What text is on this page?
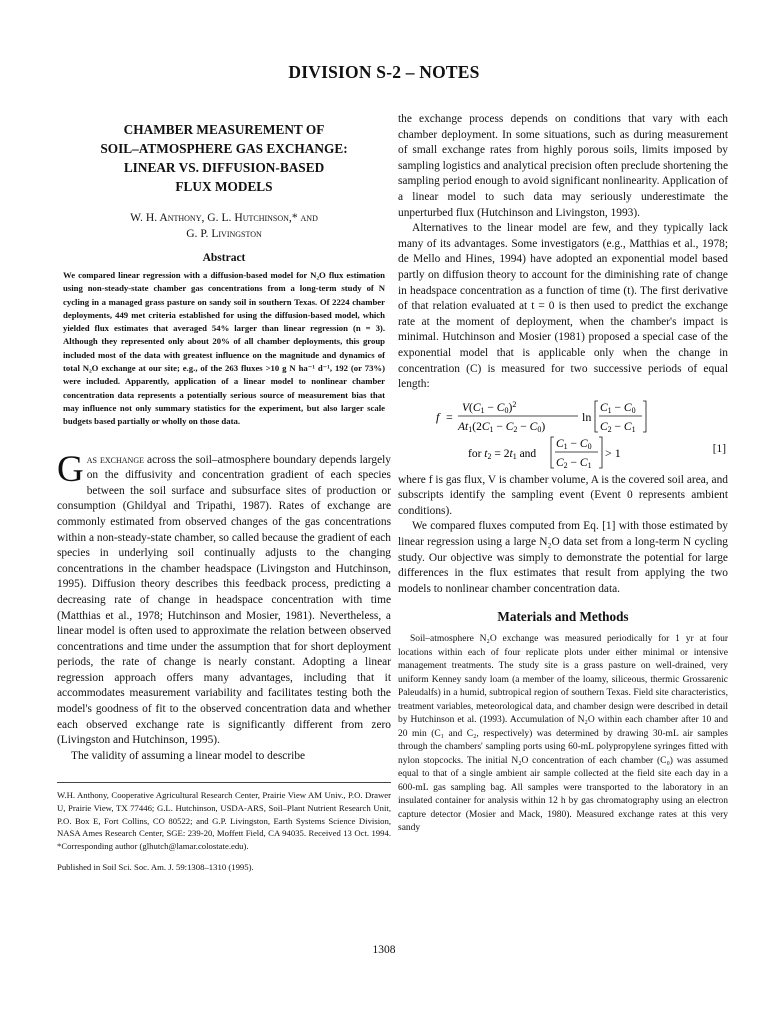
DIVISION S-2 – NOTES
CHAMBER MEASUREMENT OF
SOIL–ATMOSPHERE GAS EXCHANGE:
LINEAR VS. DIFFUSION-BASED
FLUX MODELS
W. H. Anthony, G. L. Hutchinson,* and
G. P. Livingston
Abstract
We compared linear regression with a diffusion-based model for N₂O flux estimation using non-steady-state chamber gas concentrations from a long-term study of N cycling in a managed grass pasture on sandy soil in southern Texas. Of 2224 chamber deployments, 449 met criteria established for using the diffusion-based model, which yielded flux estimates that averaged 54% larger than linear regression (n = 3). Although they represented only about 20% of all chamber deployments, this group included most of the data with greatest influence on the magnitude and dynamics of total N₂O exchange at our site; e.g., of the 263 fluxes >10 g N ha⁻¹ d⁻¹, 192 (or 73%) were included. Apparently, application of a linear model to nonlinear chamber concentration data represents a potentially serious source of measurement bias that may influence not only summary statistics for the experiment, but also larger scale budgets based partially or wholly on those data.

Gas exchange across the soil–atmosphere boundary depends largely on the diffusivity and concentration gradient of each species between the soil surface and subsurface sites of production or consumption (Ghildyal and Tripathi, 1987). Rates of exchange are commonly estimated from observed changes of the gas concentrations within a non-steady-state chamber, so called because the gradient of each species in underlying soil continually adjusts to the changing concentrations in the chamber headspace (Livingston and Hutchinson, 1995). Diffusion theory describes this feedback process, predicting a decreasing rate of change in headspace concentration with time (Matthias et al., 1978; Hutchinson and Mosier, 1981). Nevertheless, a linear model is often used to approximate the relation between observed concentrations and time under the assumption that for short deployment periods, the rate of change is nearly constant. Adopting a linear regression approach offers many advantages, including that it accommodates measurement variability and facilitates testing both the model's goodness of fit to the observed concentration data and whether each observed exchange rate is significantly different from zero (Livingston and Hutchinson, 1995).

The validity of assuming a linear model to describe

W.H. Anthony, Cooperative Agricultural Research Center, Prairie View AM Univ., P.O. Drawer U, Prairie View, TX 77446; G.L. Hutchinson, USDA-ARS, Soil–Plant Nutrient Research Unit, P.O. Box E, Fort Collins, CO 80522; and G.P. Livingston, Earth Systems Science Division, NASA Ames Research Center, SGE: 239-20, Moffett Field, CA 94035. Received 13 Oct. 1994. *Corresponding author (glhutch@lamar.colostate.edu).
Published in Soil Sci. Soc. Am. J. 59:1308–1310 (1995).

the exchange process depends on conditions that vary with each chamber deployment. In some situations, such as during measurement of small exchange rates from highly porous soils, limits imposed by sampling logistics and analytical precision often preclude shortening the sampling period enough to avoid significant nonlinearity. Application of a linear model to such data may seriously underestimate the unperturbed flux (Hutchinson and Livingston, 1993).

Alternatives to the linear model are few, and they typically lack many of its advantages. Some investigators (e.g., Matthias et al., 1978; de Mello and Hines, 1994) have adopted an exponential model based partly on diffusion theory to account for the diminishing rate of change in headspace concentration as a function of time (t). The first derivative of that relation evaluated at t = 0 is then used to predict the exchange rate at the moment of deployment, when the chamber's impact is minimal. Hutchinson and Mosier (1981) proposed a special case of the exponential model that is applicable only when the change in concentration (C) is measured for two successive periods of equal length:

f =
$V(C1 - C0)^2$
At1(2C1 − C2 − C0)
ln
C1 − C0
C2 − C1
for t2 = 2t1 and
C1 − C0
C2 − C1
> 1	[1]

where f is gas flux, V is chamber volume, A is the covered soil area, and subscripts identify the sampling event (Event 0 represents ambient conditions).

We compared fluxes computed from Eq. [1] with those estimated by linear regression using a large N₂O data set from a long-term N cycling study. Our objective was simply to demonstrate the potential for large differences in the flux estimates that result from applying the two models to nonlinear chamber concentration data.

Materials and Methods

Soil–atmosphere N₂O exchange was measured periodically for 1 yr at four locations within each of four replicate plots under either minimal or intensive management treatments. The study site is a grass pasture on well-drained, very uniform Kenney sandy loam (a member of the loamy, siliceous, thermic Grossarenic Paleudalfs) in a humid, subtropical region of southern Texas. Field site characteristics, treatment variables, meteorological data, and chamber design were described in detail by Hutchinson et al. (1993). Accumulation of N₂O within each chamber after 10 and 20 min (C₁ and C₂, respectively) was determined by drawing 30-mL air samples through the chambers' sampling ports using 60-mL polypropylene syringes fitted with nylon stopcocks. The initial N₂O concentration of each chamber (C₀) was assumed equal to that of a single ambient air sample collected at the field site each day in a 600-mL gas sampling bag. All samples were transported to the laboratory in an insulated container for analysis within 12 h by gas chromatography using an electron capture detector (Mosier and Mack, 1980). Measured exchange rates at this very sandy

1308
